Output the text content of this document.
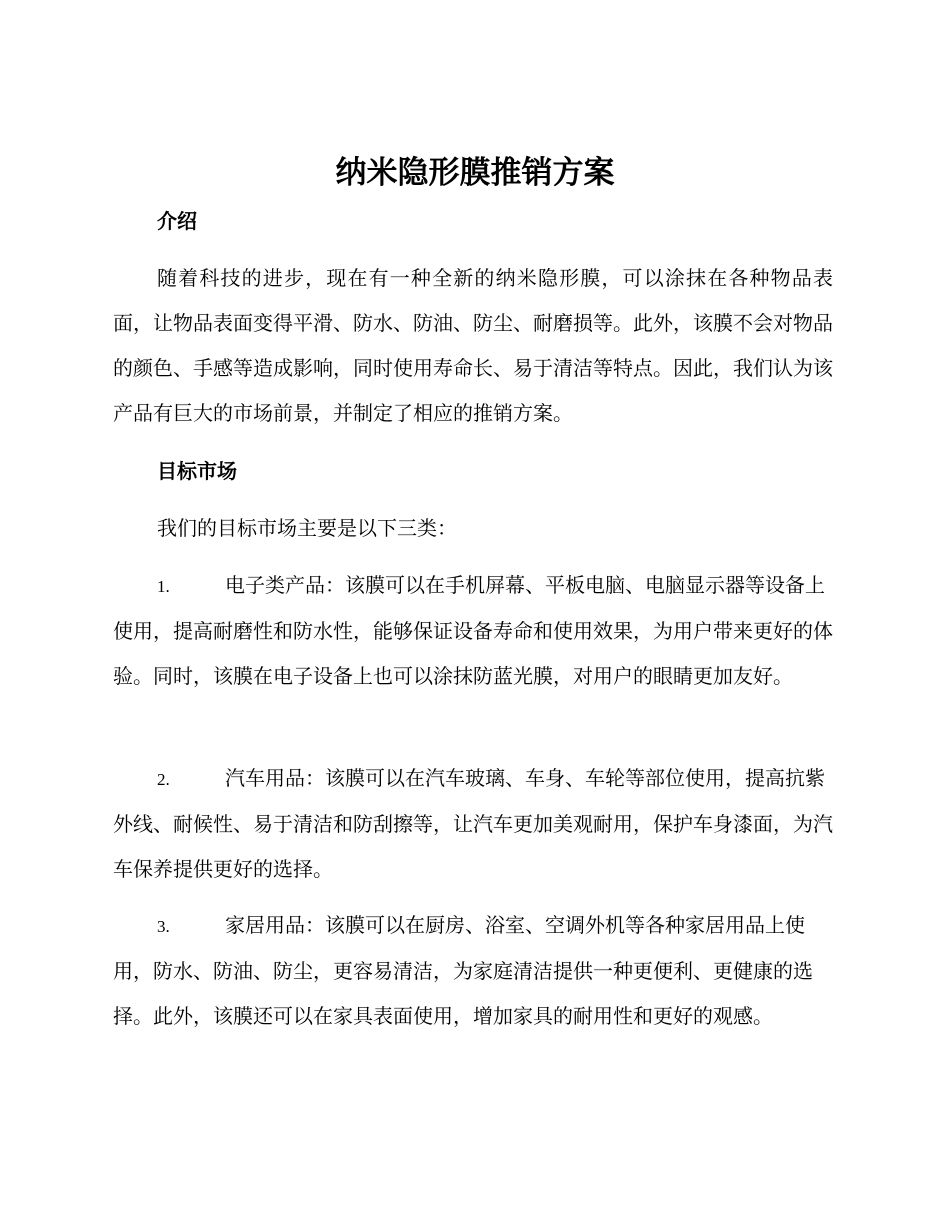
纳米隐形膜推销方案
介绍

随着科技的进步，现在有一种全新的纳米隐形膜，可以涂抹在各种物品表面，让物品表面变得平滑、防水、防油、防尘、耐磨损等。此外，该膜不会对物品的颜色、手感等造成影响，同时使用寿命长、易于清洁等特点。因此，我们认为该产品有巨大的市场前景，并制定了相应的推销方案。

目标市场

我们的目标市场主要是以下三类：

1.	电子类产品：该膜可以在手机屏幕、平板电脑、电脑显示器等设备上使用，提高耐磨性和防水性，能够保证设备寿命和使用效果，为用户带来更好的体验。同时，该膜在电子设备上也可以涂抹防蓝光膜，对用户的眼睛更加友好。

2.	汽车用品：该膜可以在汽车玻璃、车身、车轮等部位使用，提高抗紫外线、耐候性、易于清洁和防刮擦等，让汽车更加美观耐用，保护车身漆面，为汽车保养提供更好的选择。

3.	家居用品：该膜可以在厨房、浴室、空调外机等各种家居用品上使用，防水、防油、防尘，更容易清洁，为家庭清洁提供一种更便利、更健康的选择。此外，该膜还可以在家具表面使用，增加家具的耐用性和更好的观感。
